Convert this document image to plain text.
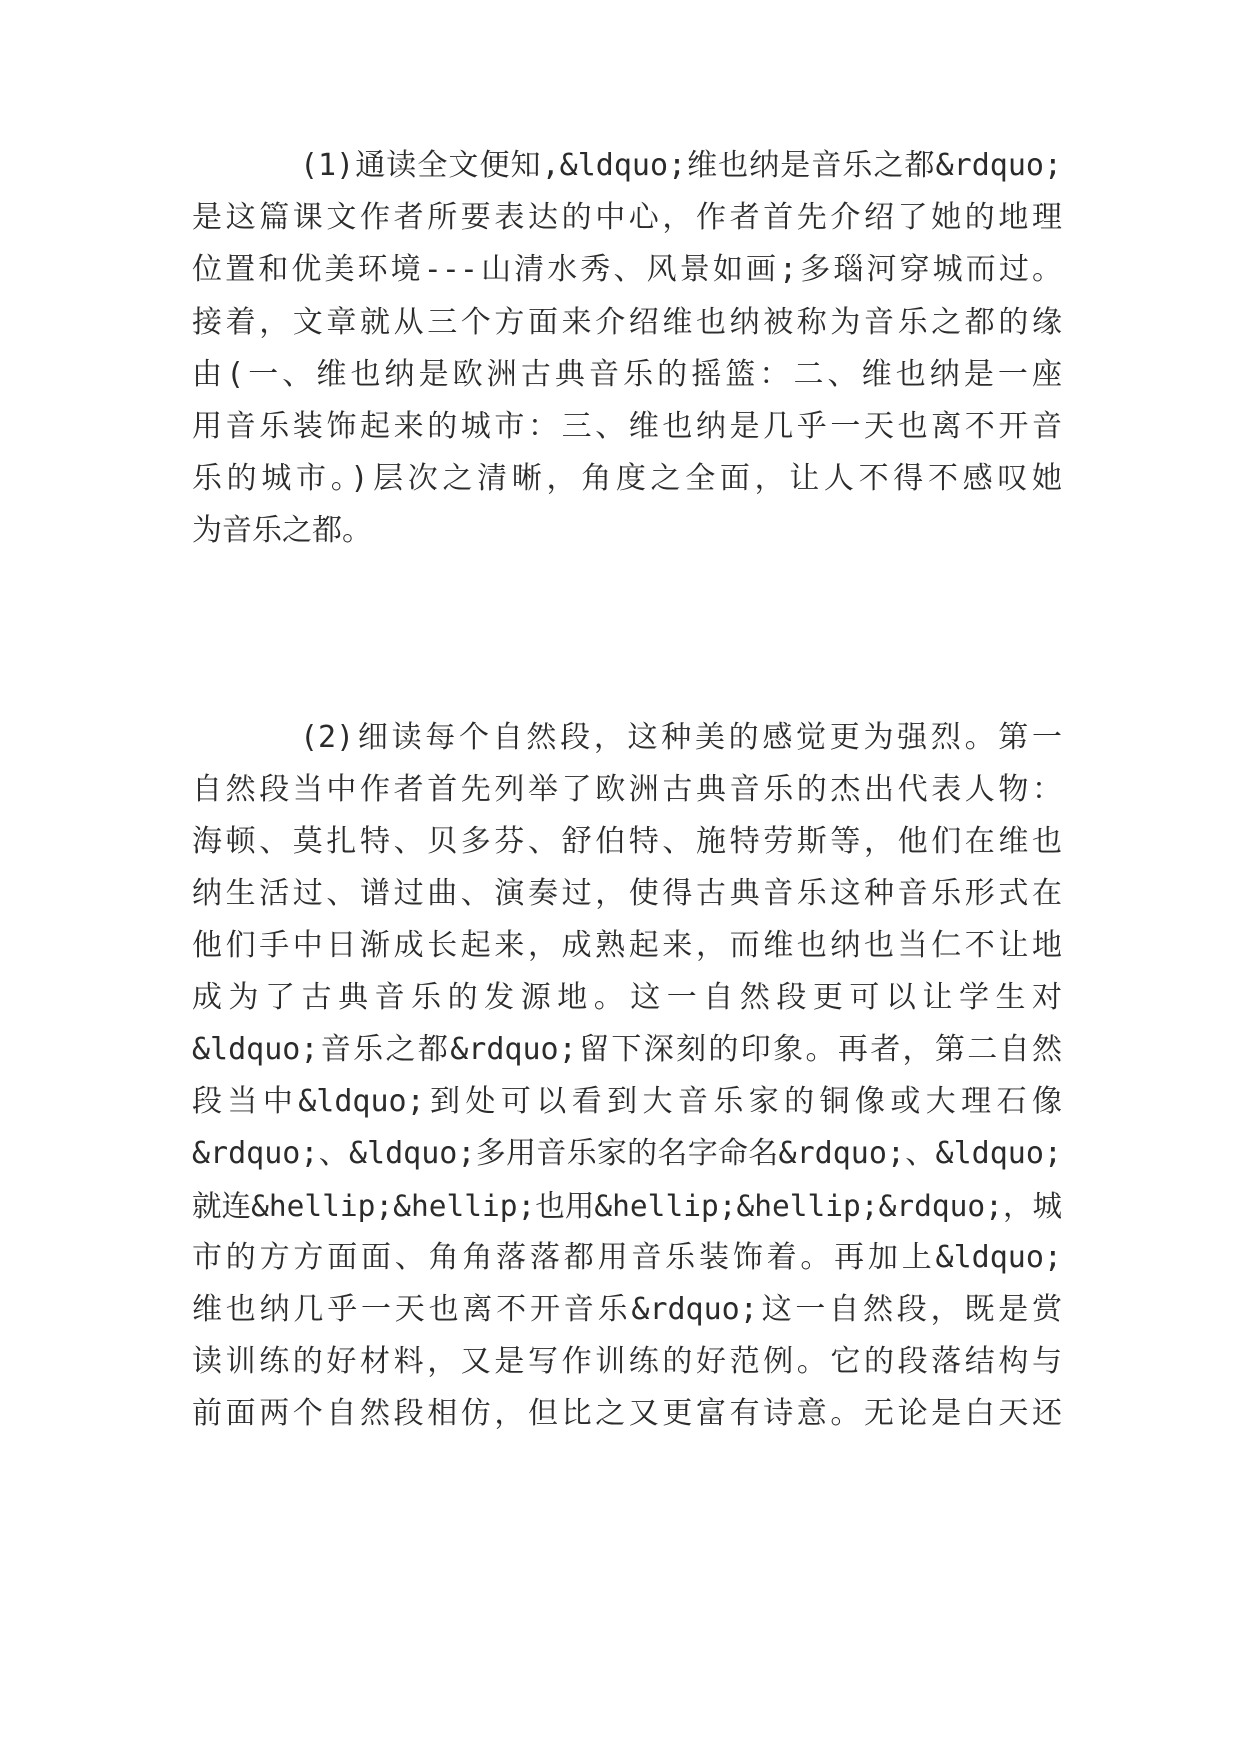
(1)通读全文便知,&ldquo;维也纳是音乐之都&rdquo;
是这篇课文作者所要表达的中心，作者首先介绍了她的地理
位置和优美环境---山清水秀、风景如画;多瑙河穿城而过。
接着，文章就从三个方面来介绍维也纳被称为音乐之都的缘
由(一、维也纳是欧洲古典音乐的摇篮：二、维也纳是一座
用音乐装饰起来的城市：三、维也纳是几乎一天也离不开音
乐的城市。)层次之清晰，角度之全面，让人不得不感叹她
为音乐之都。
(2)细读每个自然段，这种美的感觉更为强烈。第一
自然段当中作者首先列举了欧洲古典音乐的杰出代表人物：
海顿、莫扎特、贝多芬、舒伯特、施特劳斯等，他们在维也
纳生活过、谱过曲、演奏过，使得古典音乐这种音乐形式在
他们手中日渐成长起来，成熟起来，而维也纳也当仁不让地
成为了古典音乐的发源地。这一自然段更可以让学生对
&ldquo;音乐之都&rdquo;留下深刻的印象。再者，第二自然
段当中&ldquo;到处可以看到大音乐家的铜像或大理石像
&rdquo;、&ldquo;多用音乐家的名字命名&rdquo;、&ldquo;
就连&hellip;&hellip;也用&hellip;&hellip;&rdquo;，城
市的方方面面、角角落落都用音乐装饰着。再加上&ldquo;
维也纳几乎一天也离不开音乐&rdquo;这一自然段，既是赏
读训练的好材料，又是写作训练的好范例。它的段落结构与
前面两个自然段相仿，但比之又更富有诗意。无论是白天还
